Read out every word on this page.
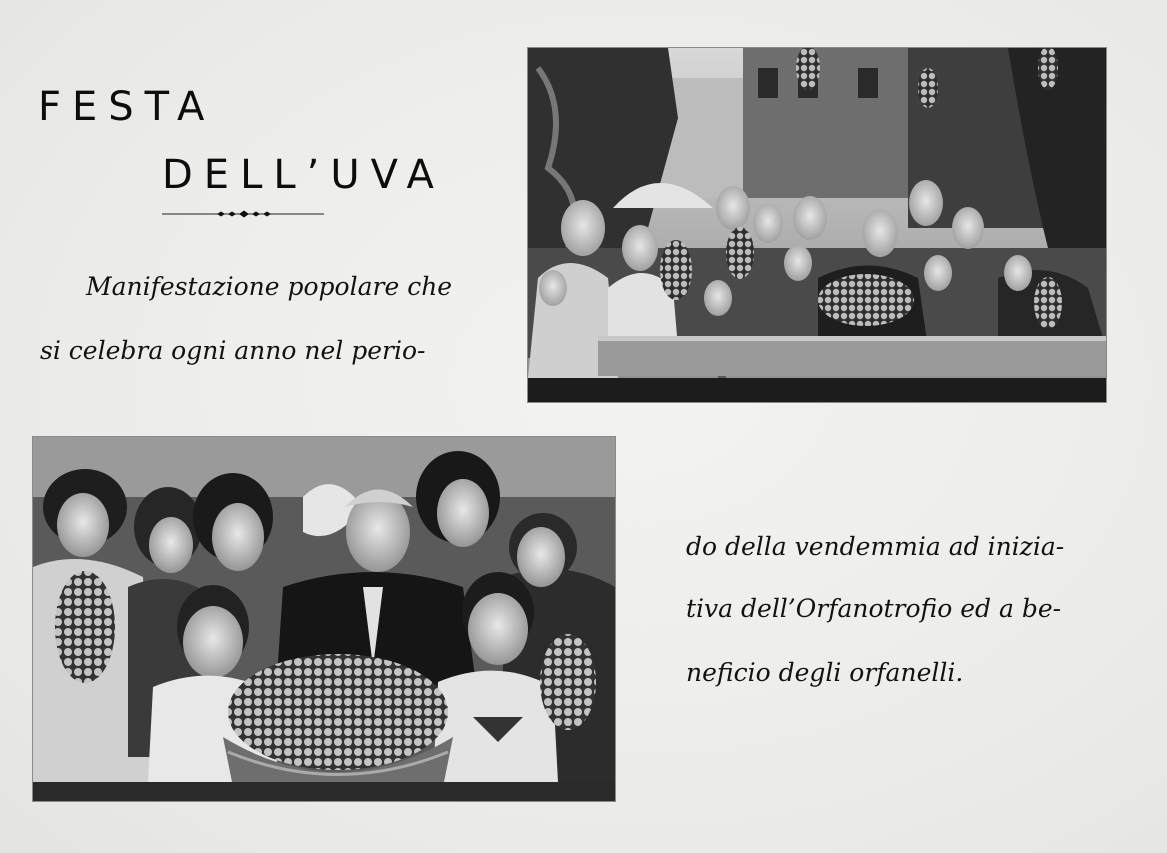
FESTA
DELL’UVA

Manifestazione popolare che

si celebra ogni anno nel perio-

do della vendemmia ad inizia-

tiva dell’Orfanotrofio ed a be-

neficio degli orfanelli.
